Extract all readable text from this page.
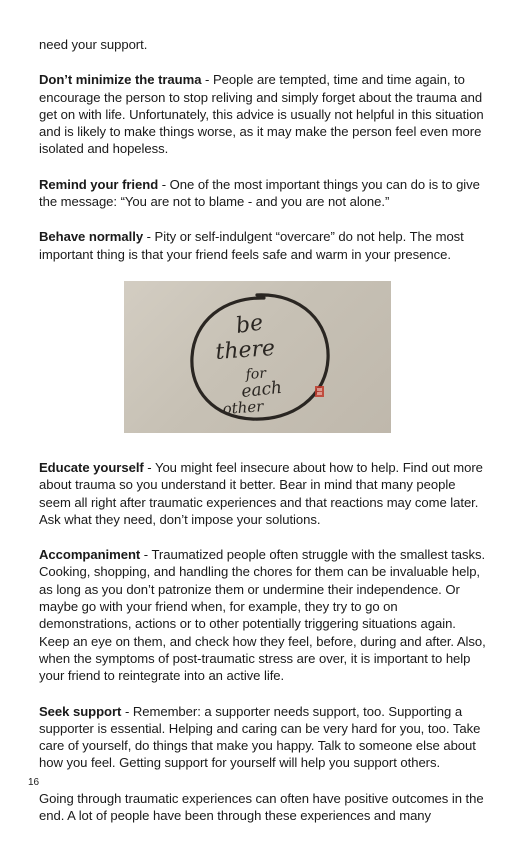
need your support.

Don’t minimize the trauma - People are tempted, time and time again, to encourage the person to stop reliving and simply forget about the trauma and get on with life. Unfortunately, this advice is usually not helpful in this situation and is likely to make things worse, as it may make the person feel even more isolated and hopeless.

Remind your friend - One of the most important things you can do is to give the message: “You are not to blame - and you are not alone.”

Behave normally - Pity or self-indulgent “overcare” do not help. The most important thing is that your friend feels safe and warm in your presence.

be
there
for
each
other

Educate yourself - You might feel insecure about how to help. Find out more about trauma so you understand it better. Bear in mind that many people seem all right after traumatic experiences and that reactions may come later. Ask what they need, don’t impose your solutions.

Accompaniment - Traumatized people often struggle with the smallest tasks. Cooking, shopping, and handling the chores for them can be invaluable help, as long as you don’t patronize them or undermine their independence. Or maybe go with your friend when, for example, they try to go on demonstrations, actions or to other potentially triggering situations again. Keep an eye on them, and check how they feel, before, during and after. Also, when the symptoms of post-traumatic stress are over, it is important to help your friend to reintegrate into an active life.

Seek support - Remember: a supporter needs support, too. Supporting a supporter is essential. Helping and caring can be very hard for you, too. Take care of yourself, do things that make you happy. Talk to someone else about how you feel. Getting support for yourself will help you support others.

Going through traumatic experiences can often have positive outcomes in the end. A lot of people have been through these experiences and many

16
